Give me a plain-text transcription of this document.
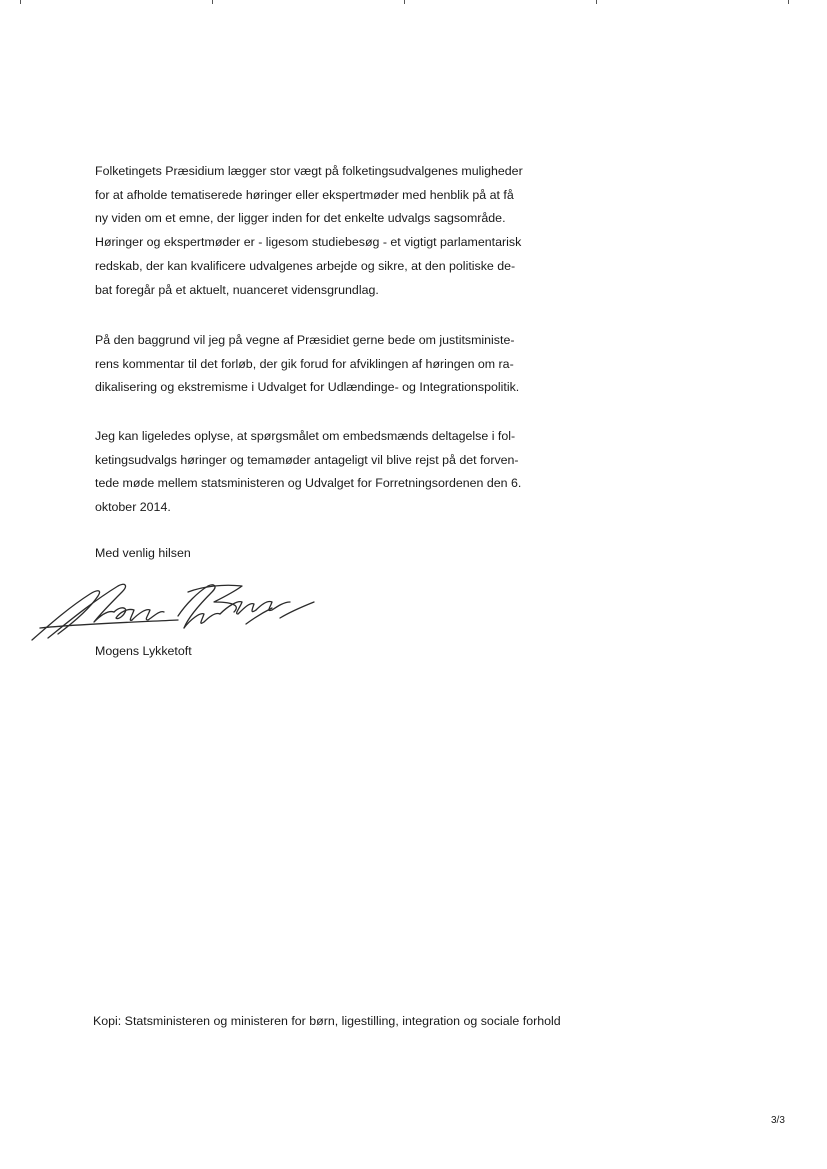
Folketingets Præsidium lægger stor vægt på folketingsudvalgenes muligheder
for at afholde tematiserede høringer eller ekspertmøder med henblik på at få
ny viden om et emne, der ligger inden for det enkelte udvalgs sagsområde.
Høringer og ekspertmøder er - ligesom studiebesøg - et vigtigt parlamentarisk
redskab, der kan kvalificere udvalgenes arbejde og sikre, at den politiske de-
bat foregår på et aktuelt, nuanceret vidensgrundlag.

På den baggrund vil jeg på vegne af Præsidiet gerne bede om justitsministe-
rens kommentar til det forløb, der gik forud for afviklingen af høringen om ra-
dikalisering og ekstremisme i Udvalget for Udlændinge- og Integrationspolitik.

Jeg kan ligeledes oplyse, at spørgsmålet om embedsmænds deltagelse i fol-
ketingsudvalgs høringer og temamøder antageligt vil blive rejst på det forven-
tede møde mellem statsministeren og Udvalget for Forretningsordenen den 6.
oktober 2014.

Med venlig hilsen

Mogens Lykketoft

Kopi: Statsministeren og ministeren for børn, ligestilling, integration og sociale forhold

3/3
